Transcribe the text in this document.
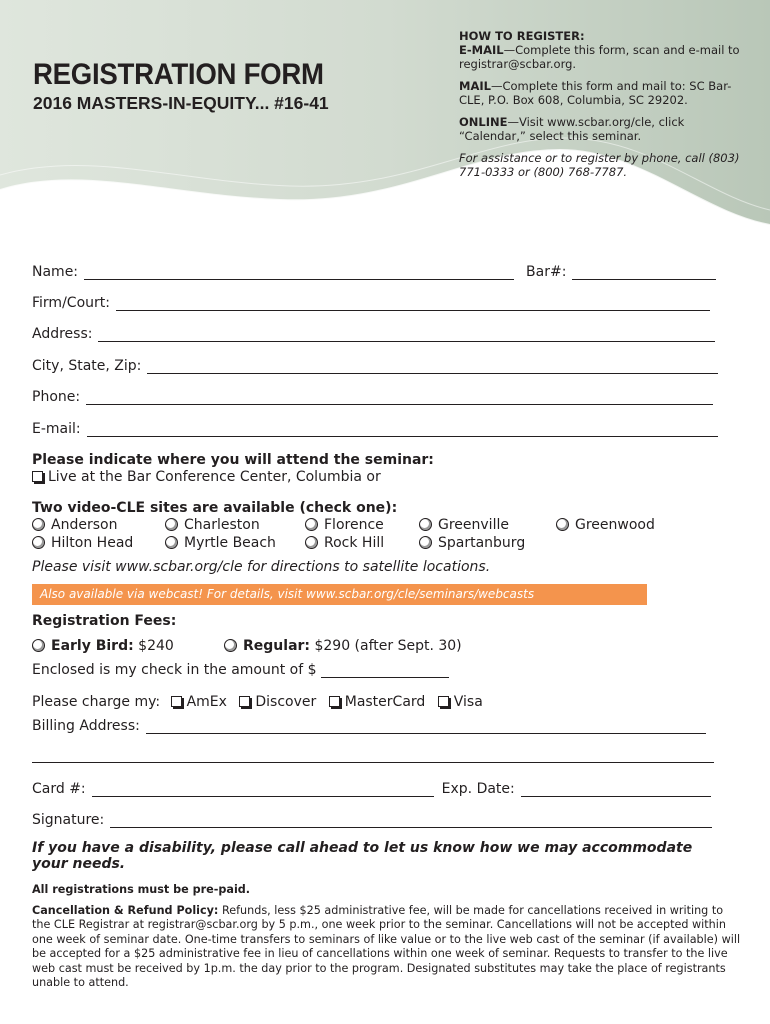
REGISTRATION FORM
2016 MASTERS-IN-EQUITY... #16-41

HOW TO REGISTER:

E-MAIL—Complete this form, scan and e-mail to registrar@scbar.org.

MAIL—Complete this form and mail to: SC Bar-CLE, P.O. Box 608, Columbia, SC 29202.

ONLINE—Visit www.scbar.org/cle, click “Calendar,” select this seminar.

For assistance or to register by phone, call (803) 771-0333 or (800) 768-7787.

Name:	Bar#:
Firm/Court:
Address:
City, State, Zip:
Phone:
E-mail:
Please indicate where you will attend the seminar:
Live at the Bar Conference Center, Columbia or
Two video-CLE sites are available (check one):
Anderson	Charleston	Florence	Greenville	Greenwood
Hilton Head	Myrtle Beach	Rock Hill	Spartanburg
Please visit www.scbar.org/cle for directions to satellite locations.
Also available via webcast! For details, visit www.scbar.org/cle/seminars/webcasts
Registration Fees:
Early Bird: $240	Regular: $290 (after Sept. 30)
Enclosed is my check in the amount of $
Please charge my: AmEx Discover MasterCard Visa
Billing Address:
Card #:	Exp. Date:
Signature:
If you have a disability, please call ahead to let us know how we may accommodate your needs.
All registrations must be pre-paid.
Cancellation & Refund Policy: Refunds, less $25 administrative fee, will be made for cancellations received in writing to the CLE Registrar at registrar@scbar.org by 5 p.m., one week prior to the seminar. Cancellations will not be accepted within one week of seminar date. One-time transfers to seminars of like value or to the live web cast of the seminar (if available) will be accepted for a $25 administrative fee in lieu of cancellations within one week of seminar. Requests to transfer to the live web cast must be received by 1p.m. the day prior to the program. Designated substitutes may take the place of registrants unable to attend.
